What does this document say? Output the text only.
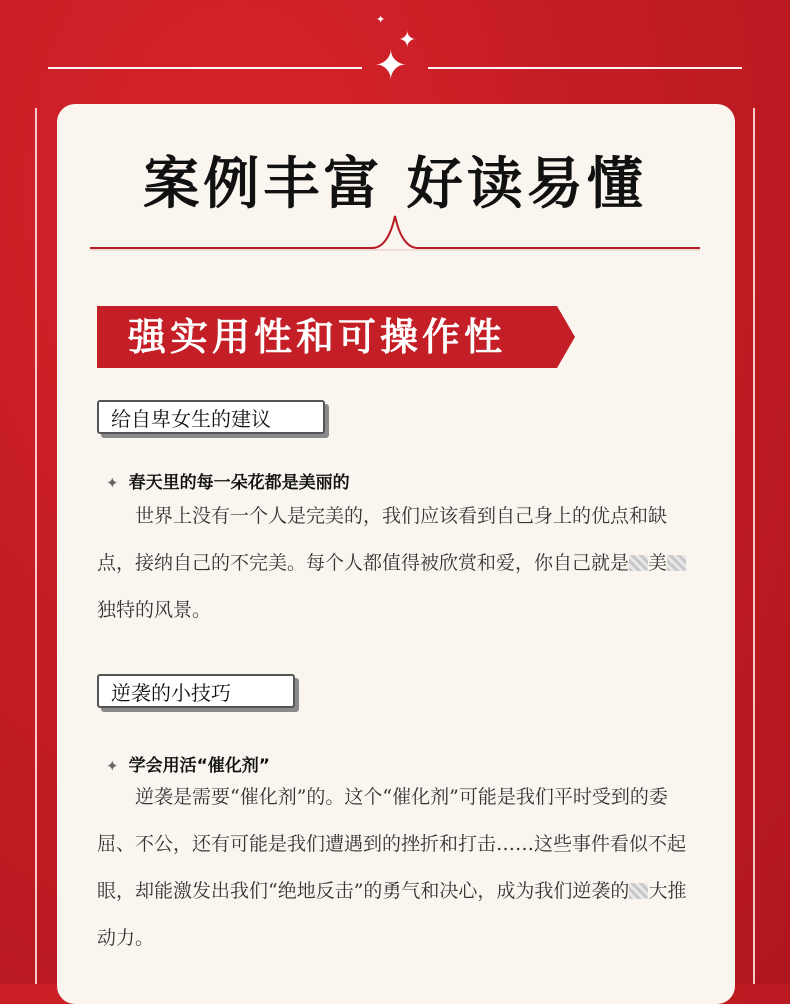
✦
✦
✦
案例丰富 好读易懂
强实用性和可操作性
给自卑女生的建议
✦ 春天里的每一朵花都是美丽的

世界上没有一个人是完美的，我们应该看到自己身上的优点和缺点，接纳自己的不完美。每个人都值得被欣赏和爱，你自己就是 美独特的风景。

逆袭的小技巧
✦ 学会用活“催化剂”

逆袭是需要“催化剂”的。这个“催化剂”可能是我们平时受到的委屈、不公，还有可能是我们遭遇到的挫折和打击……这些事件看似不起眼，却能激发出我们“绝地反击”的勇气和决心，成为我们逆袭的 大推动力。
